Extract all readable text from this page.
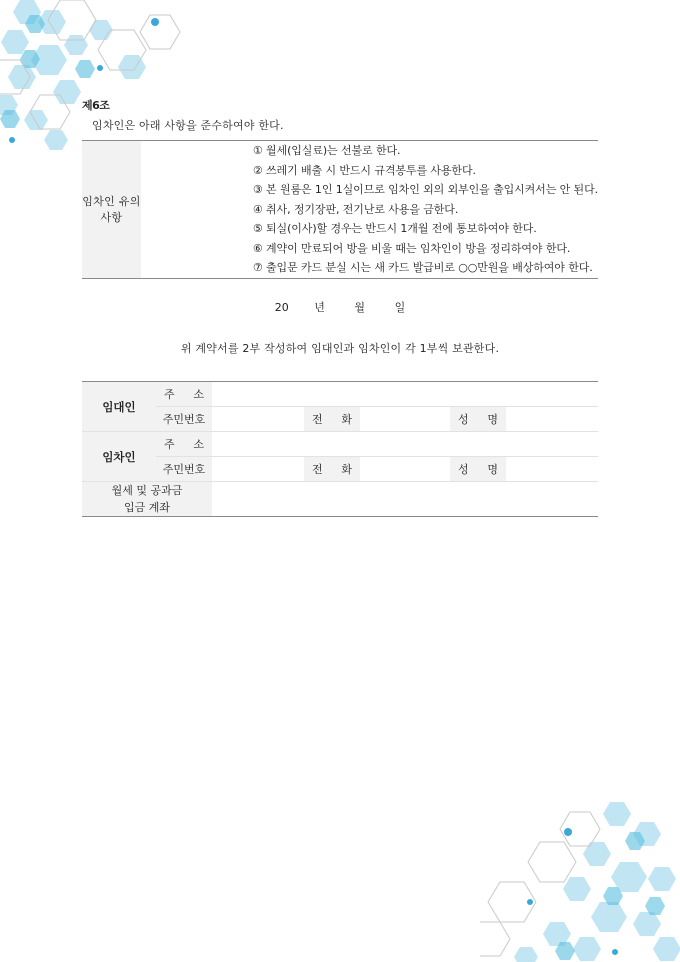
제6조
임차인은 아래 사항을 준수하여야 한다.
임차인 유의사항	
① 월세(입실료)는 선불로 한다.
② 쓰레기 배출 시 반드시 규격봉투를 사용한다.
③ 본 원룸은 1인 1실이므로 임차인 외의 외부인을 출입시켜서는 안 된다.
④ 취사, 정기장판, 전기난로 사용을 금한다.
⑤ 퇴실(이사)할 경우는 반드시 1개월 전에 통보하여야 한다.
⑥ 계약이 만료되어 방을 비울 때는 임차인이 방을 정리하여야 한다.
⑦ 출입문 카드 분실 시는 새 카드 발급비로 ○○만원을 배상하여야 한다.
20 년	월	일
위 계약서를 2부 작성하여 임대인과 임차인이 각 1부씩 보관한다.
임대인	주 소					

	주민번호		전 화		성 명	

임차인	주 소					

	주민번호		전 화		성 명	

월세 및 공과금
입금 계좌						
